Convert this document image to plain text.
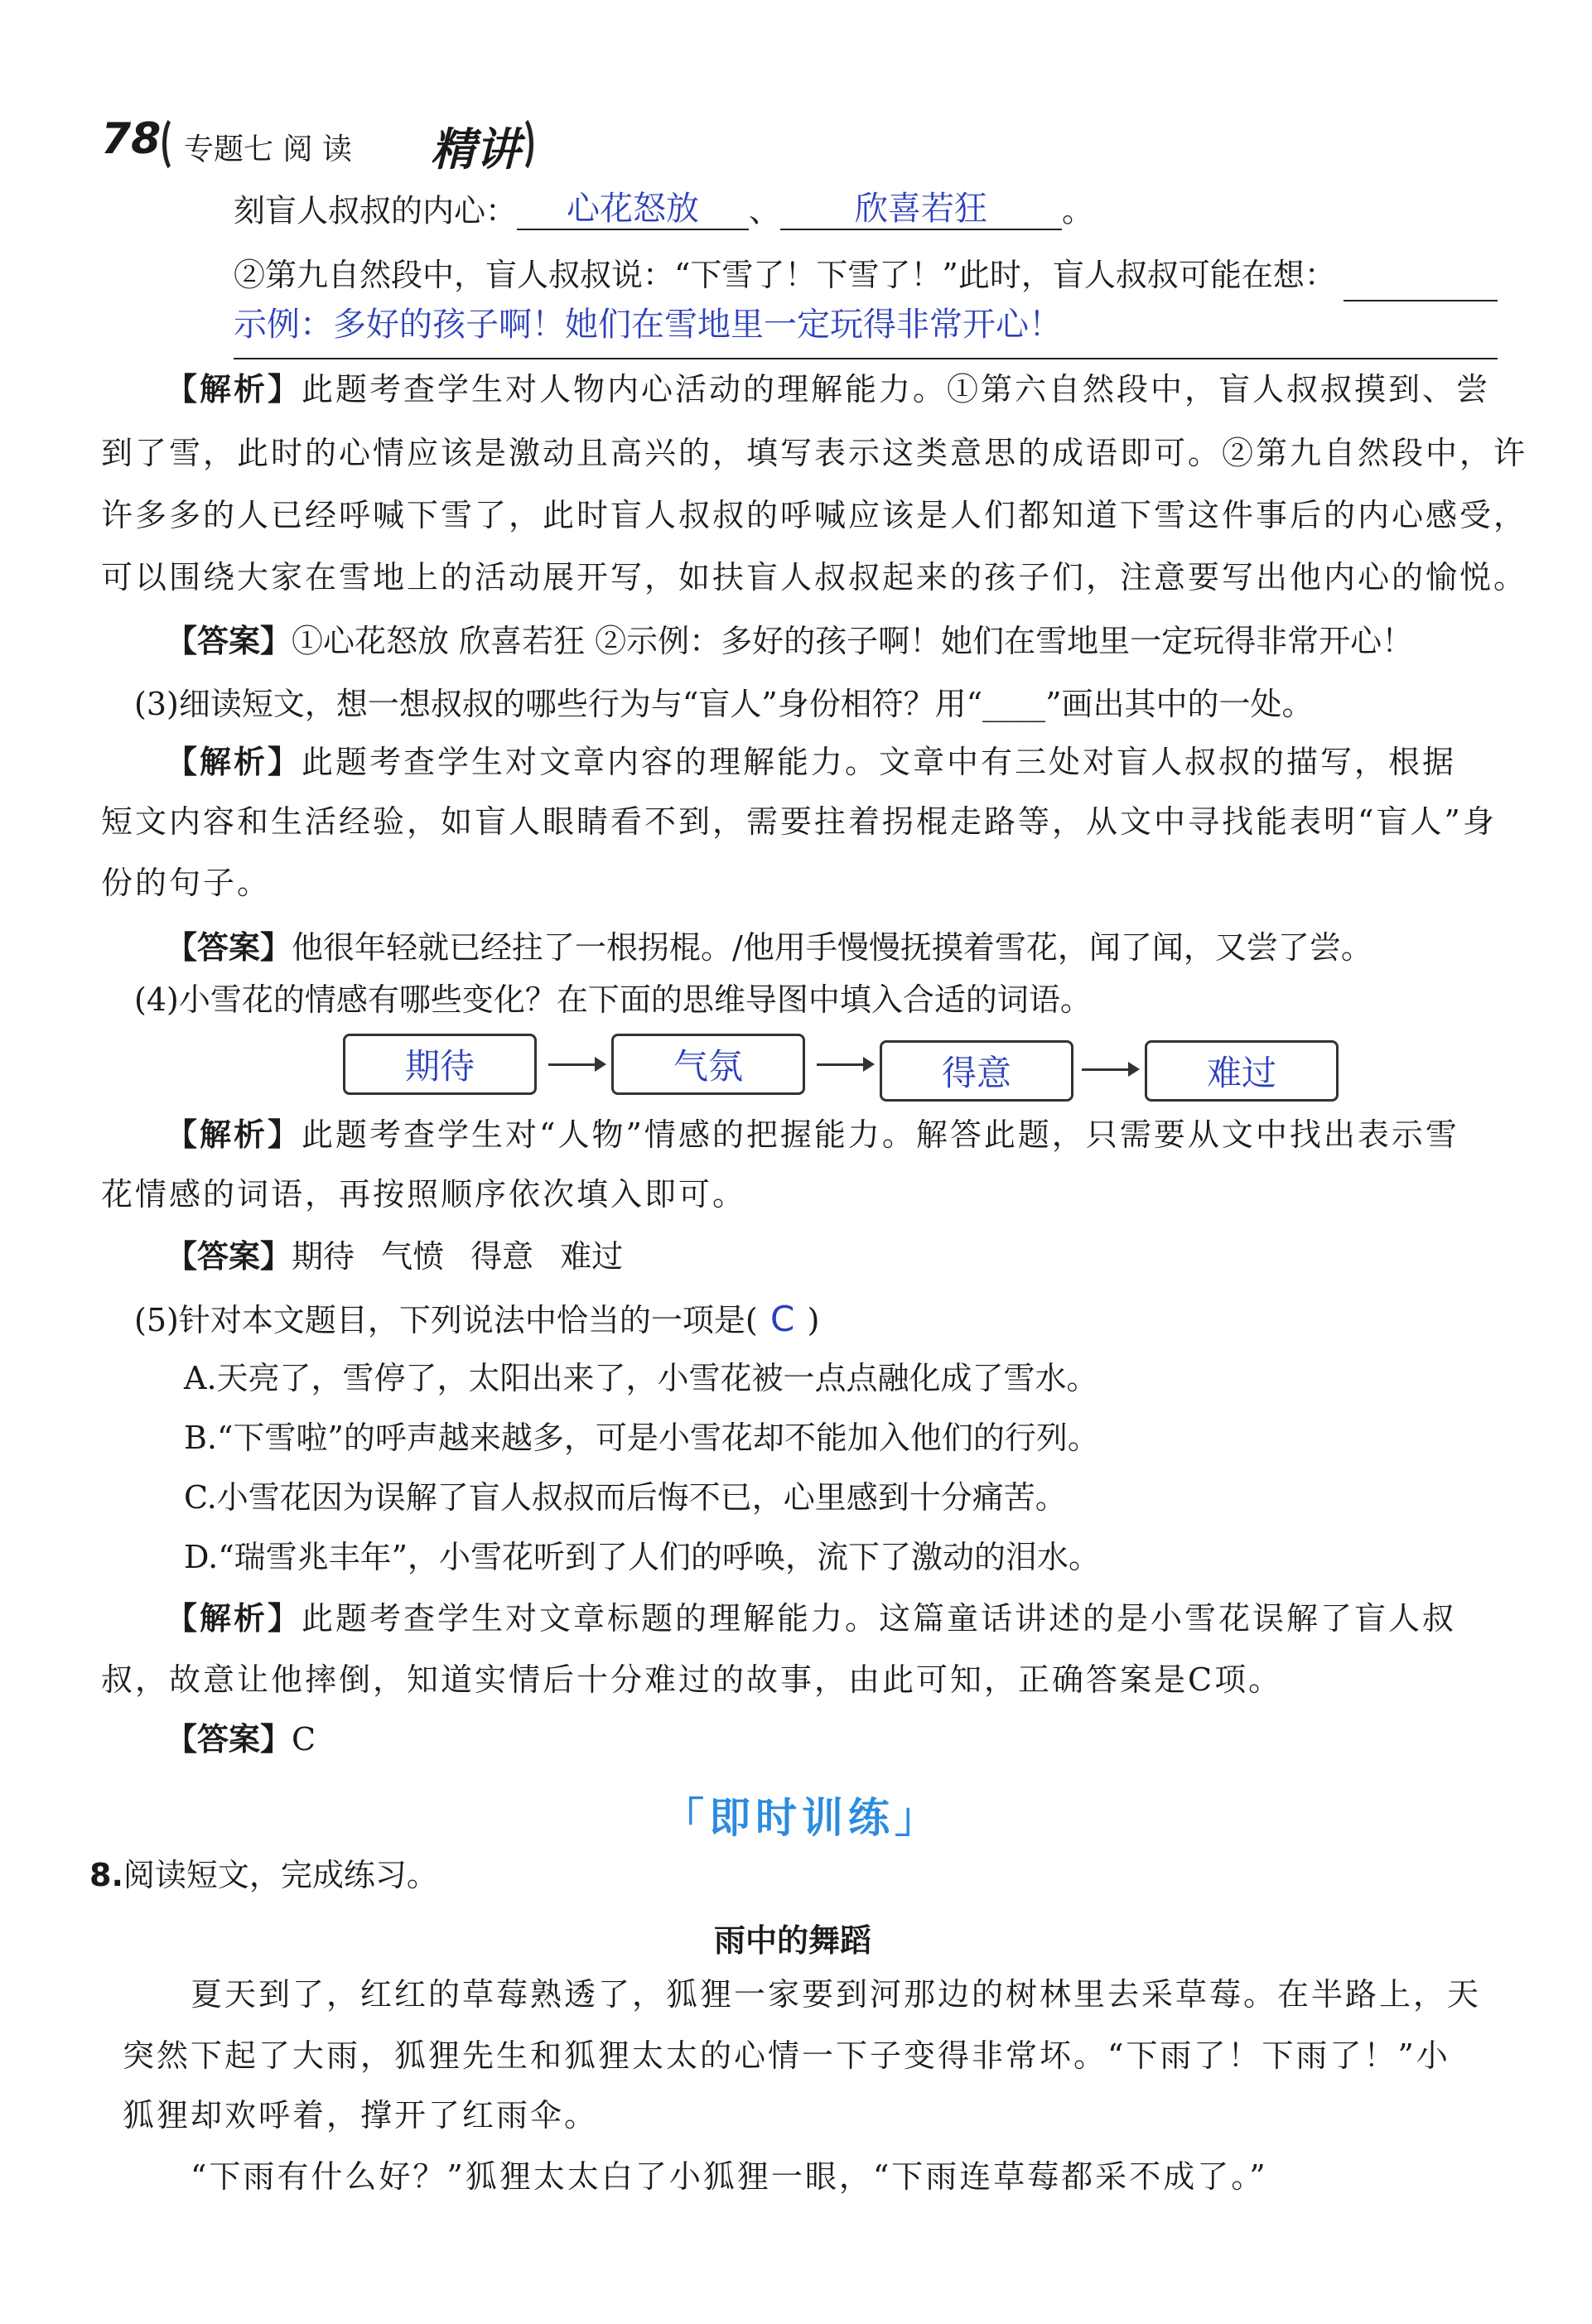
78 专题七 阅 读 精讲
刻盲人叔叔的内心： 心花怒放 、 欣喜若狂 。
②第九自然段中，盲人叔叔说：“下雪了！下雪了！”此时，盲人叔叔可能在想：
示例：多好的孩子啊！她们在雪地里一定玩得非常开心！
【解析】此题考查学生对人物内心活动的理解能力。①第六自然段中，盲人叔叔摸到、尝
到了雪，此时的心情应该是激动且高兴的，填写表示这类意思的成语即可。②第九自然段中，许
许多多的人已经呼喊下雪了，此时盲人叔叔的呼喊应该是人们都知道下雪这件事后的内心感受，
可以围绕大家在雪地上的活动展开写，如扶盲人叔叔起来的孩子们，注意要写出他内心的愉悦。
【答案】①心花怒放 欣喜若狂 ②示例：多好的孩子啊！她们在雪地里一定玩得非常开心！
(3)细读短文，想一想叔叔的哪些行为与“盲人”身份相符？用“____”画出其中的一处。
【解析】此题考查学生对文章内容的理解能力。文章中有三处对盲人叔叔的描写，根据
短文内容和生活经验，如盲人眼睛看不到，需要拄着拐棍走路等，从文中寻找能表明“盲人”身
份的句子。
【答案】他很年轻就已经拄了一根拐棍。/他用手慢慢抚摸着雪花，闻了闻，又尝了尝。
(4)小雪花的情感有哪些变化？在下面的思维导图中填入合适的词语。
期待	气氛	得意	难过
【解析】此题考查学生对“人物”情感的把握能力。解答此题，只需要从文中找出表示雪
花情感的词语，再按照顺序依次填入即可。
【答案】期待 气愤 得意 难过
(5)针对本文题目，下列说法中恰当的一项是( C )
A.天亮了，雪停了，太阳出来了，小雪花被一点点融化成了雪水。
B.“下雪啦”的呼声越来越多，可是小雪花却不能加入他们的行列。
C.小雪花因为误解了盲人叔叔而后悔不已，心里感到十分痛苦。
D.“瑞雪兆丰年”，小雪花听到了人们的呼唤，流下了激动的泪水。
【解析】此题考查学生对文章标题的理解能力。这篇童话讲述的是小雪花误解了盲人叔
叔，故意让他摔倒，知道实情后十分难过的故事，由此可知，正确答案是C项。
【答案】C
「即时训练」
8.阅读短文，完成练习。
雨中的舞蹈
夏天到了，红红的草莓熟透了，狐狸一家要到河那边的树林里去采草莓。在半路上，天
突然下起了大雨，狐狸先生和狐狸太太的心情一下子变得非常坏。“下雨了！下雨了！”小
狐狸却欢呼着，撑开了红雨伞。
“下雨有什么好？”狐狸太太白了小狐狸一眼，“下雨连草莓都采不成了。”
